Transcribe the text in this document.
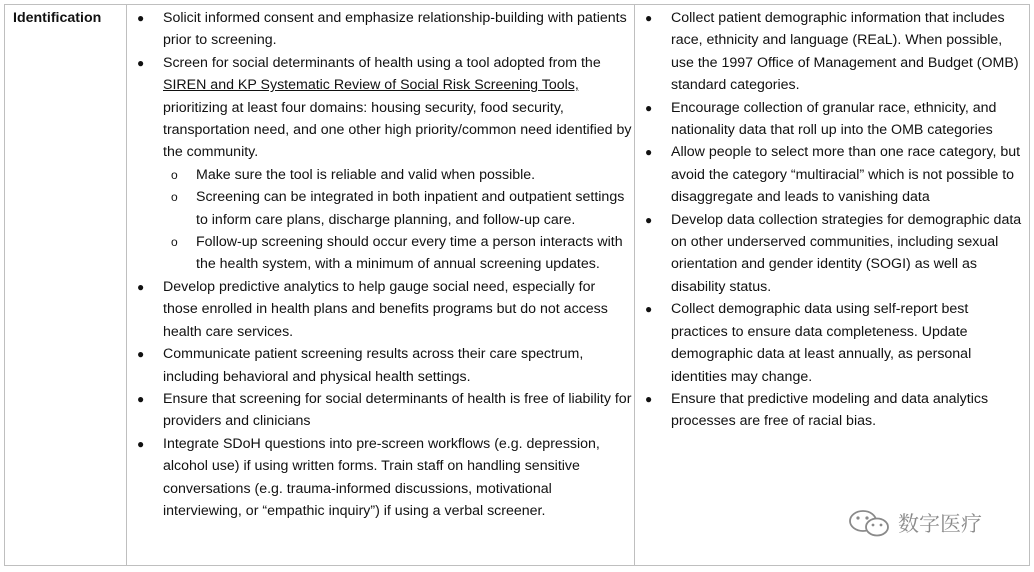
Identification	● Solicit informed consent and emphasize relationship-building with patients prior to screening.
● Screen for social determinants of health using a tool adopted from the SIREN and KP Systematic Review of Social Risk Screening Tools, prioritizing at least four domains: housing security, food security, transportation need, and one other high priority/common need identified by the community.
o Make sure the tool is reliable and valid when possible.
o Screening can be integrated in both inpatient and outpatient settings to inform care plans, discharge planning, and follow-up care.
o Follow-up screening should occur every time a person interacts with the health system, with a minimum of annual screening updates.
● Develop predictive analytics to help gauge social need, especially for those enrolled in health plans and benefits programs but do not access health care services.
● Communicate patient screening results across their care spectrum, including behavioral and physical health settings.
● Ensure that screening for social determinants of health is free of liability for providers and clinicians
● Integrate SDoH questions into pre-screen workflows (e.g. depression, alcohol use) if using written forms. Train staff on handling sensitive conversations (e.g. trauma-informed discussions, motivational interviewing, or “empathic inquiry”) if using a verbal screener.
● Collect patient demographic information that includes race, ethnicity and language (REaL). When possible, use the 1997 Office of Management and Budget (OMB) standard categories.
● Encourage collection of granular race, ethnicity, and nationality data that roll up into the OMB categories
● Allow people to select more than one race category, but avoid the category “multiracial” which is not possible to disaggregate and leads to vanishing data
● Develop data collection strategies for demographic data on other underserved communities, including sexual orientation and gender identity (SOGI) as well as disability status.
● Collect demographic data using self-report best practices to ensure data completeness. Update demographic data at least annually, as personal identities may change.
● Ensure that predictive modeling and data analytics processes are free of racial bias.
数字医疗
